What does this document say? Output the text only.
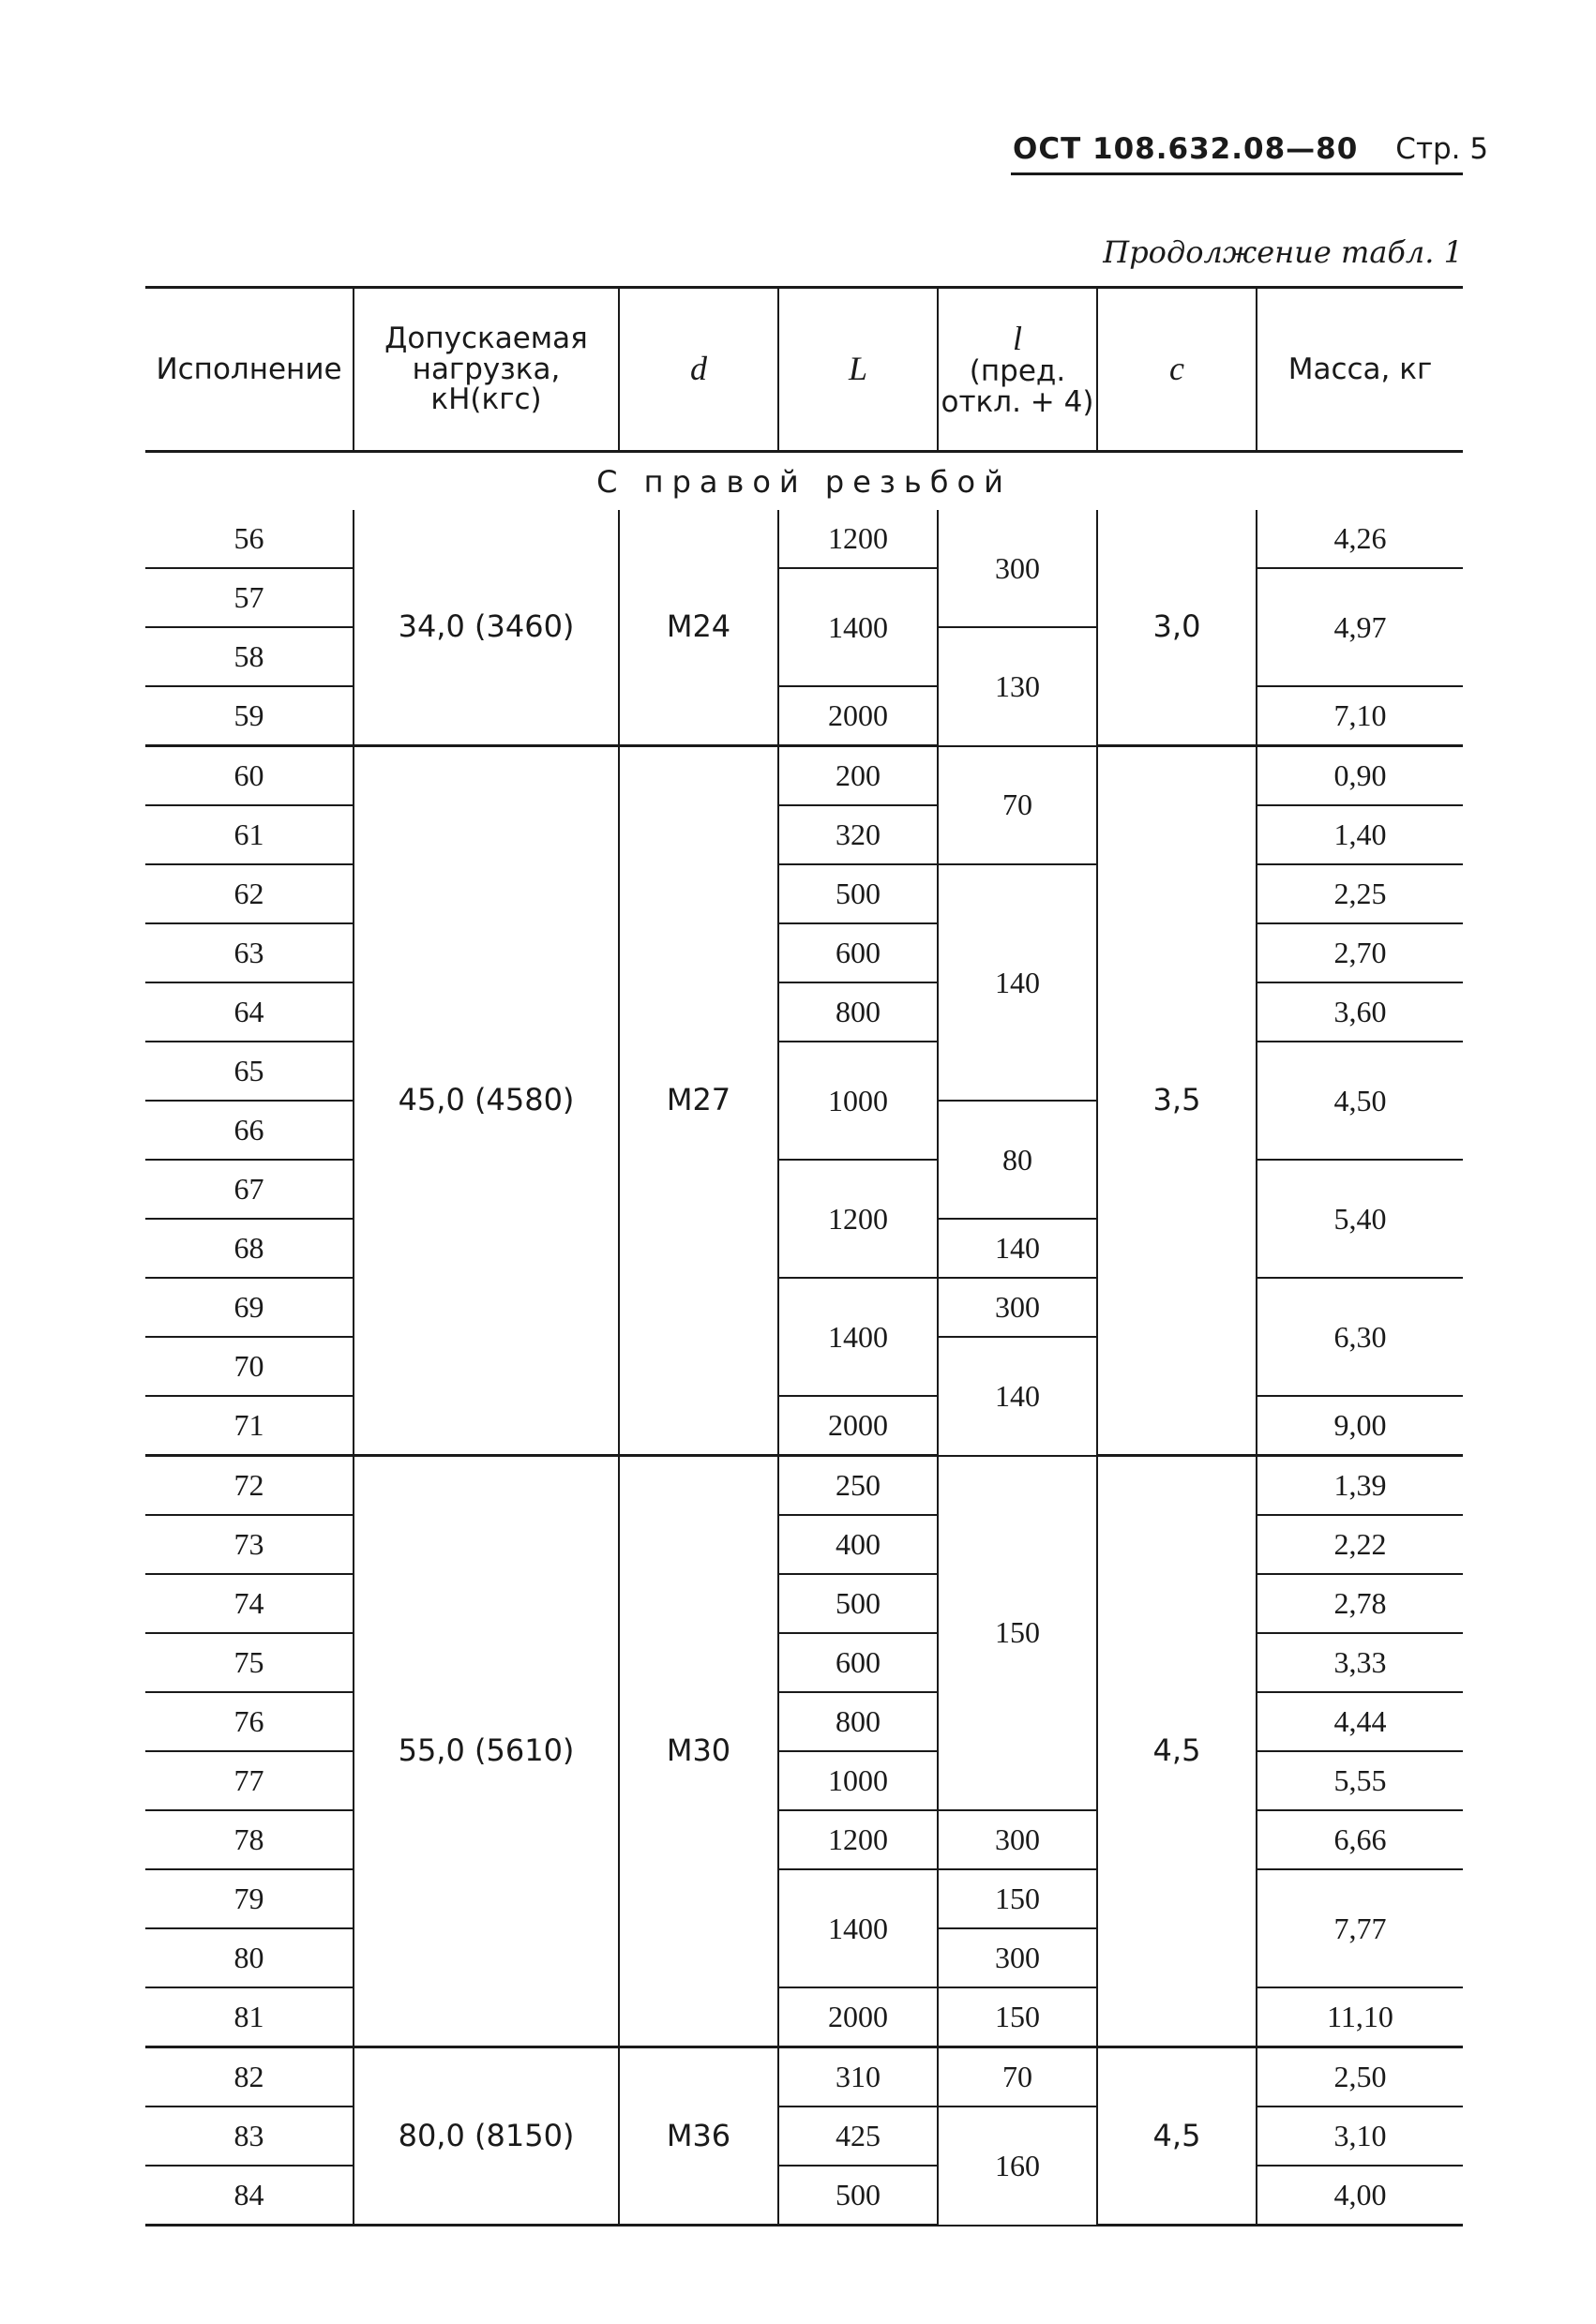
ОСТ 108.632.08—80 Стр. 5
Продолжение табл. 1
Исполнение	Допускаемая
нагрузка,
кН(кгс)	d	L	l
(пред.
откл. + 4)	c	Масса, кг
С правой резьбой						
56	34,0 (3460)	М24	1200	300	3,0	4,26
57			1400			4,97
58				130		
59			2000			7,10
60	45,0 (4580)	М27	200	70	3,5	0,90
61			320			1,40
62			500	140		2,25
63			600			2,70
64			800			3,60
65			1000			4,50
66				80		
67			1200			5,40
68				140		
69			1400	300		6,30
70				140		
71			2000			9,00
72	55,0 (5610)	М30	250	150	4,5	1,39
73			400			2,22
74			500			2,78
75			600			3,33
76			800			4,44
77			1000			5,55
78			1200	300		6,66
79			1400	150		7,77
80				300		
81			2000	150		11,10
82	80,0 (8150)	М36	310	70	4,5	2,50
83			425	160		3,10
84			500			4,00
